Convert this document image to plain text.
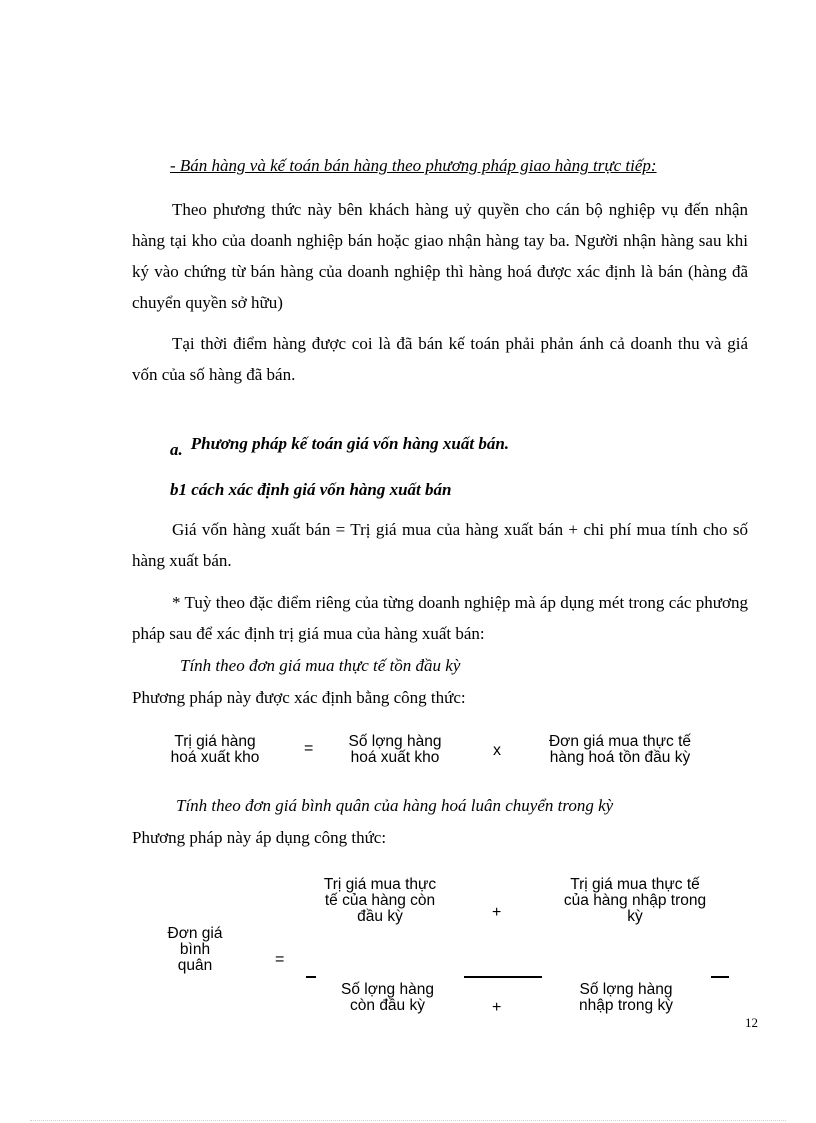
- Bán hàng và kế toán bán hàng theo phương pháp giao hàng trực tiếp:
Theo phương thức này bên khách hàng uỷ quyền cho cán bộ nghiệp vụ đến nhận hàng tại kho của doanh nghiệp bán hoặc giao nhận hàng tay ba. Người nhận hàng sau khi ký vào chứng từ bán hàng của doanh nghiệp thì hàng hoá được xác định là bán (hàng đã chuyển quyền sở hữu)
Tại thời điểm hàng được coi là đã bán kế toán phải phản ánh cả doanh thu và giá vốn của số hàng đã bán.
a. Phương pháp kế toán giá vốn hàng xuất bán.
b1 cách xác định giá vốn hàng xuất bán
Giá vốn hàng xuất bán = Trị giá mua của hàng xuất bán + chi phí mua tính cho số hàng xuất bán.
* Tuỳ theo đặc điểm riêng của từng doanh nghiệp mà áp dụng mét trong các phương pháp sau để xác định trị giá mua của hàng xuất bán:
Tính theo đơn giá mua thực tế tồn đầu kỳ
Phương pháp này được xác định bằng công thức:
Trị giá hàng
hoá xuất kho
=	Số lợng hàng
hoá xuất kho	x
Đơn giá mua thực tế
hàng hoá tồn đầu kỳ
Tính theo đơn giá bình quân của hàng hoá luân chuyển trong kỳ
Phương pháp này áp dụng công thức:
Đơn giá
bình
quân	=
Trị giá mua thực
tế của hàng còn
đầu kỳ	+
Trị giá mua thực tế
của hàng nhập trong
kỳ
Số lợng hàng
còn đầu kỳ	+
Số lợng hàng
nhập trong kỳ
12
